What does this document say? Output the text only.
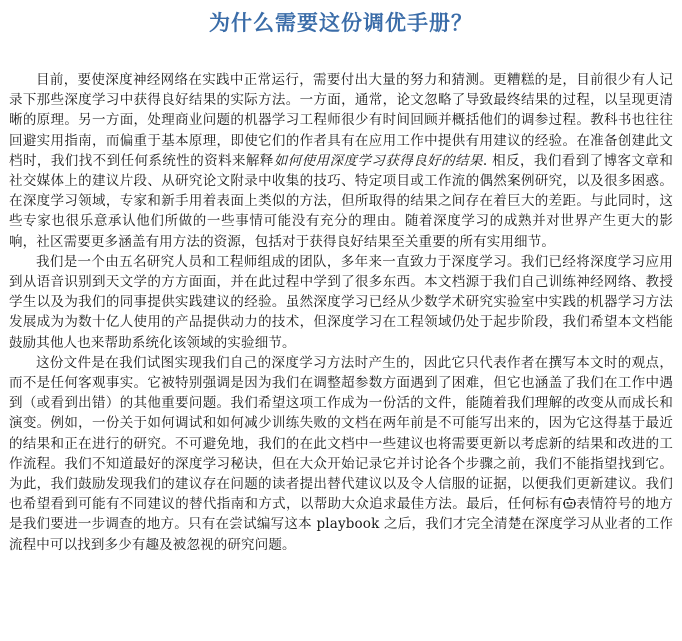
为什么需要这份调优手册？

目前，要使深度神经网络在实践中正常运行，需要付出大量的努力和猜测。更糟糕的是，目前很少有人记录下那些深度学习中获得良好结果的实际方法。一方面，通常，论文忽略了导致最终结果的过程，以呈现更清晰的原理。另一方面，处理商业问题的机器学习工程师很少有时间回顾并概括他们的调参过程。教科书也往往回避实用指南，而偏重于基本原理，即使它们的作者具有在应用工作中提供有用建议的经验。在准备创建此文档时，我们找不到任何系统性的资料来解释如何使用深度学习获得良好的结果. 相反，我们看到了博客文章和社交媒体上的建议片段、从研究论文附录中收集的技巧、特定项目或工作流的偶然案例研究，以及很多困惑。在深度学习领域，专家和新手用着表面上类似的方法，但所取得的结果之间存在着巨大的差距。与此同时，这些专家也很乐意承认他们所做的一些事情可能没有充分的理由。随着深度学习的成熟并对世界产生更大的影响，社区需要更多涵盖有用方法的资源，包括对于获得良好结果至关重要的所有实用细节。

我们是一个由五名研究人员和工程师组成的团队，多年来一直致力于深度学习。我们已经将深度学习应用到从语音识别到天文学的方方面面，并在此过程中学到了很多东西。本文档源于我们自己训练神经网络、教授学生以及为我们的同事提供实践建议的经验。虽然深度学习已经从少数学术研究实验室中实践的机器学习方法发展成为为数十亿人使用的产品提供动力的技术，但深度学习在工程领域仍处于起步阶段，我们希望本文档能鼓励其他人也来帮助系统化该领域的实验细节。

这份文件是在我们试图实现我们自己的深度学习方法时产生的，因此它只代表作者在撰写本文时的观点，而不是任何客观事实。它被特别强调是因为我们在调整超参数方面遇到了困难，但它也涵盖了我们在工作中遇到（或看到出错）的其他重要问题。我们希望这项工作成为一份活的文件，能随着我们理解的改变从而成长和演变。例如，一份关于如何调试和如何减少训练失败的文档在两年前是不可能写出来的，因为它这得基于最近的结果和正在进行的研究。不可避免地，我们的在此文档中一些建议也将需要更新以考虑新的结果和改进的工作流程。我们不知道最好的深度学习秘诀，但在大众开始记录它并讨论各个步骤之前，我们不能指望找到它。为此，我们鼓励发现我们的建议存在问题的读者提出替代建议以及令人信服的证据，以便我们更新建议。我们也希望看到可能有不同建议的替代指南和方式，以帮助大众追求最佳方法。最后，任何标有 表情符号的地方是我们要进一步调查的地方。只有在尝试编写这本 playbook 之后，我们才完全清楚在深度学习从业者的工作流程中可以找到多少有趣及被忽视的研究问题。
